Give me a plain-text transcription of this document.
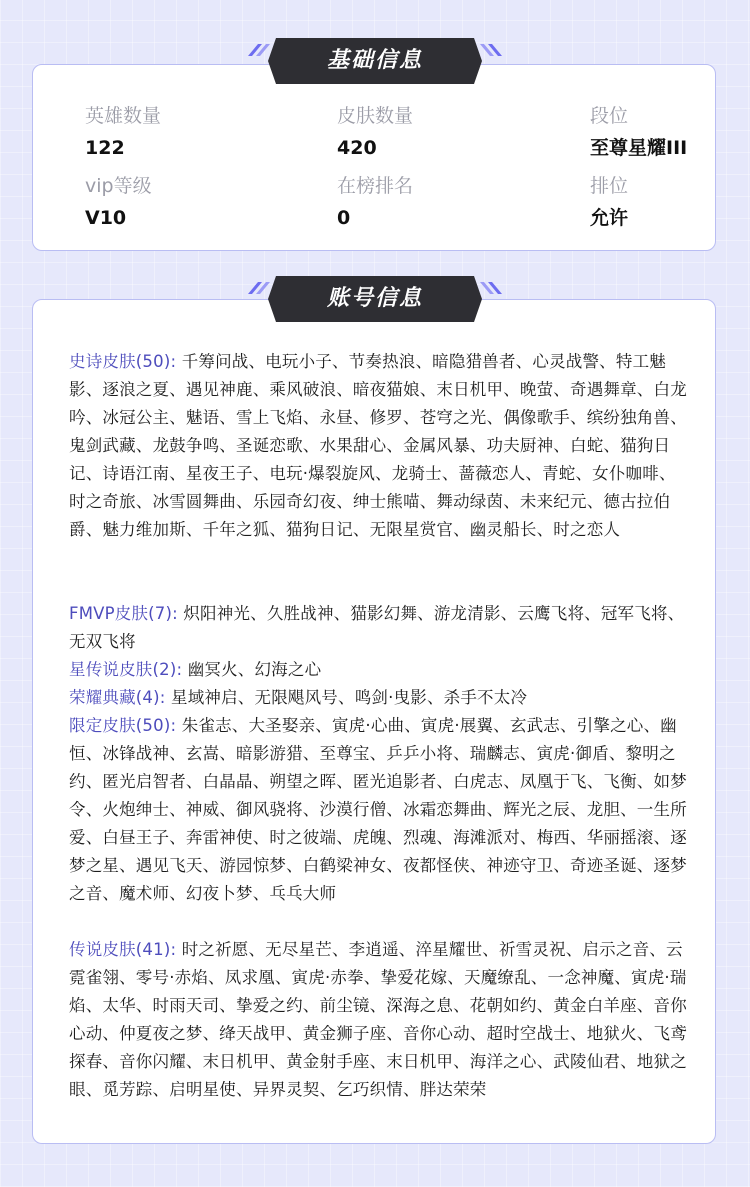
英雄数量
122
皮肤数量
420
段位
至尊星耀III
vip等级
V10
在榜排名
0
排位
允许
基础信息
史诗皮肤(50): 千筹问战、电玩小子、节奏热浪、暗隐猎兽者、心灵战警、特工魅影、逐浪之夏、遇见神鹿、乘风破浪、暗夜猫娘、末日机甲、晚萤、奇遇舞章、白龙吟、冰冠公主、魅语、雪上飞焰、永昼、修罗、苍穹之光、偶像歌手、缤纷独角兽、鬼剑武藏、龙鼓争鸣、圣诞恋歌、水果甜心、金属风暴、功夫厨神、白蛇、猫狗日记、诗语江南、星夜王子、电玩·爆裂旋风、龙骑士、蔷薇恋人、青蛇、女仆咖啡、时之奇旅、冰雪圆舞曲、乐园奇幻夜、绅士熊喵、舞动绿茵、未来纪元、德古拉伯爵、魅力维加斯、千年之狐、猫狗日记、无限星赏官、幽灵船长、时之恋人
FMVP皮肤(7): 炽阳神光、久胜战神、猫影幻舞、游龙清影、云鹰飞将、冠军飞将、无双飞将
星传说皮肤(2): 幽冥火、幻海之心
荣耀典藏(4): 星域神启、无限飓风号、鸣剑·曳影、杀手不太冷
限定皮肤(50): 朱雀志、大圣娶亲、寅虎·心曲、寅虎·展翼、玄武志、引擎之心、幽恒、冰锋战神、玄嵩、暗影游猎、至尊宝、乒乒小将、瑞麟志、寅虎·御盾、黎明之约、匿光启智者、白晶晶、朔望之晖、匿光追影者、白虎志、凤凰于飞、飞衡、如梦令、火炮绅士、神威、御风骁将、沙漠行僧、冰霜恋舞曲、辉光之辰、龙胆、一生所爱、白昼王子、奔雷神使、时之彼端、虎魄、烈魂、海滩派对、梅西、华丽摇滚、逐梦之星、遇见飞天、游园惊梦、白鹤梁神女、夜都怪侠、神迹守卫、奇迹圣诞、逐梦之音、魔术师、幻夜卜梦、乓乓大师
传说皮肤(41): 时之祈愿、无尽星芒、李逍遥、淬星耀世、祈雪灵祝、启示之音、云霓雀翎、零号·赤焰、凤求凰、寅虎·赤拳、挚爱花嫁、天魔缭乱、一念神魔、寅虎·瑞焰、太华、时雨天司、挚爱之约、前尘镜、深海之息、花朝如约、黄金白羊座、音你心动、仲夏夜之梦、绛天战甲、黄金狮子座、音你心动、超时空战士、地狱火、飞鸢探春、音你闪耀、末日机甲、黄金射手座、末日机甲、海洋之心、武陵仙君、地狱之眼、觅芳踪、启明星使、异界灵契、乞巧织情、胖达荣荣
账号信息
